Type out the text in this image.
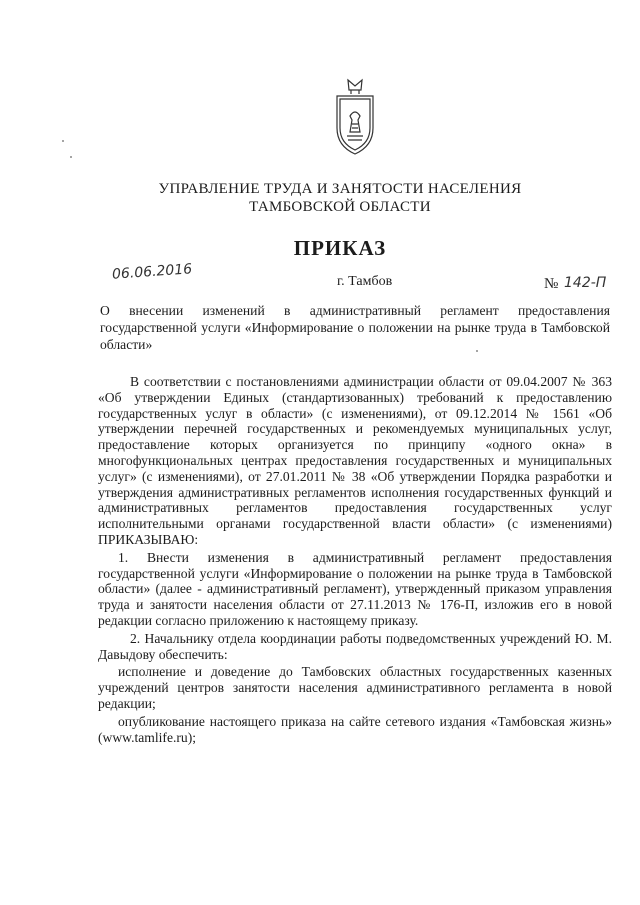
УПРАВЛЕНИЕ ТРУДА И ЗАНЯТОСТИ НАСЕЛЕНИЯ
ТАМБОВСКОЙ ОБЛАСТИ
ПРИКАЗ
06.06.2016	г. Тамбов	№ 142-П
О внесении изменений в административный регламент предоставления государственной услуги «Информирование о положении на рынке труда в Тамбовской области»

В соответствии с постановлениями администрации области от 09.04.2007 № 363 «Об утверждении Единых (стандартизованных) требований к предоставлению государственных услуг в области» (с изменениями), от 09.12.2014 № 1561 «Об утверждении перечней государственных и рекомендуемых муниципальных услуг, предоставление которых организуется по принципу «одного окна» в многофункциональных центрах предоставления государственных и муниципальных услуг» (с изменениями), от 27.01.2011 № 38 «Об утверждении Порядка разработки и утверждения административных регламентов исполнения государственных функций и административных регламентов предоставления государственных услуг исполнительными органами государственной власти области» (с изменениями) ПРИКАЗЫВАЮ:

1. Внести изменения в административный регламент предоставления государственной услуги «Информирование о положении на рынке труда в Тамбовской области» (далее - административный регламент), утвержденный приказом управления труда и занятости населения области от 27.11.2013 № 176-П, изложив его в новой редакции согласно приложению к настоящему приказу.

2. Начальнику отдела координации работы подведомственных учреждений Ю. М. Давыдову обеспечить:

исполнение и доведение до Тамбовских областных государственных казенных учреждений центров занятости населения административного регламента в новой редакции;

опубликование настоящего приказа на сайте сетевого издания «Тамбовская жизнь» (www.tamlife.ru);
